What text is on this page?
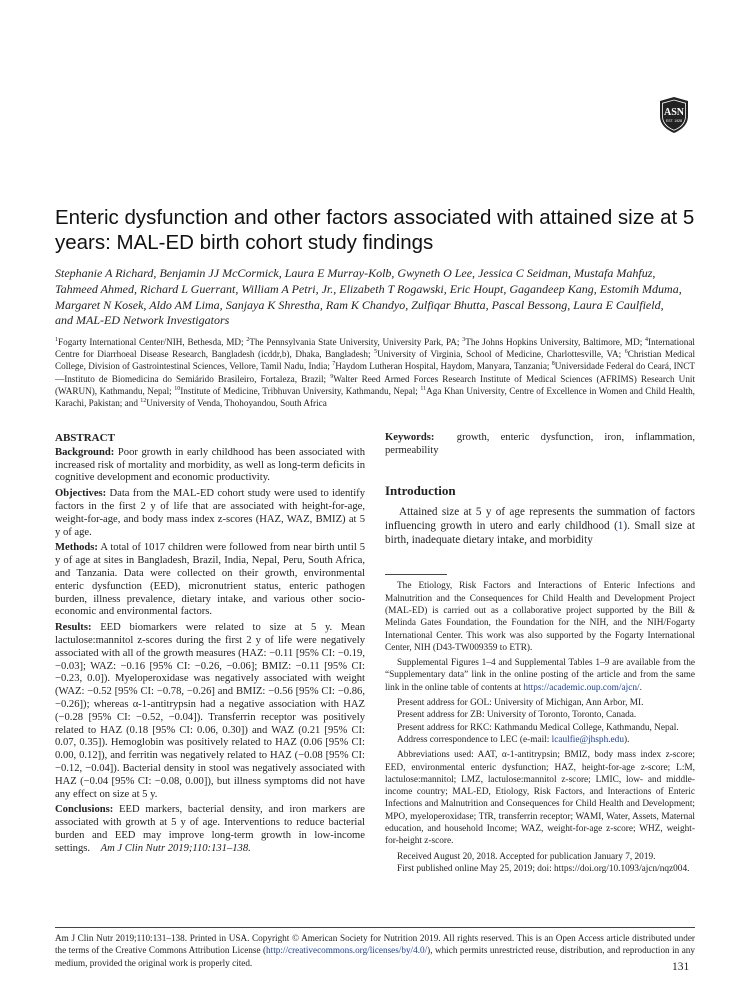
ASN
EST. 1928
Enteric dysfunction and other factors associated with attained size at 5 years: MAL-ED birth cohort study findings

Stephanie A Richard, Benjamin JJ McCormick, Laura E Murray-Kolb, Gwyneth O Lee, Jessica C Seidman, Mustafa Mahfuz, Tahmeed Ahmed, Richard L Guerrant, William A Petri, Jr., Elizabeth T Rogawski, Eric Houpt, Gagandeep Kang, Estomih Mduma, Margaret N Kosek, Aldo AM Lima, Sanjaya K Shrestha, Ram K Chandyo, Zulfiqar Bhutta, Pascal Bessong, Laura E Caulfield, and MAL-ED Network Investigators

$^1$Fogarty International Center/NIH, Bethesda, MD; $^2$The Pennsylvania State University, University Park, PA; $^3$The Johns Hopkins University, Baltimore, MD; $^4$International Centre for Diarrhoeal Disease Research, Bangladesh (icddr,b), Dhaka, Bangladesh; $^5$University of Virginia, School of Medicine, Charlottesville, VA; $^6$Christian Medical College, Division of Gastrointestinal Sciences, Vellore, Tamil Nadu, India; $^7$Haydom Lutheran Hospital, Haydom, Manyara, Tanzania; $^8$Universidade Federal do Ceará, INCT—Instituto de Biomedicina do Semiárido Brasileiro, Fortaleza, Brazil; $^9$Walter Reed Armed Forces Research Institute of Medical Sciences (AFRIMS) Research Unit (WARUN), Kathmandu, Nepal; $^{10}$Institute of Medicine, Tribhuvan University, Kathmandu, Nepal; $^{11}$Aga Khan University, Centre of Excellence in Women and Child Health, Karachi, Pakistan; and $^{12}$University of Venda, Thohoyandou, South Africa

ABSTRACT

Background: Poor growth in early childhood has been associated with increased risk of mortality and morbidity, as well as long-term deficits in cognitive development and economic productivity.

Objectives: Data from the MAL-ED cohort study were used to identify factors in the first 2 y of life that are associated with height-for-age, weight-for-age, and body mass index z-scores (HAZ, WAZ, BMIZ) at 5 y of age.

Methods: A total of 1017 children were followed from near birth until 5 y of age at sites in Bangladesh, Brazil, India, Nepal, Peru, South Africa, and Tanzania. Data were collected on their growth, environmental enteric dysfunction (EED), micronutrient status, enteric pathogen burden, illness prevalence, dietary intake, and various other socio-economic and environmental factors.

Results: EED biomarkers were related to size at 5 y. Mean lactulose:mannitol z-scores during the first 2 y of life were negatively associated with all of the growth measures (HAZ: −0.11 [95% CI: −0.19, −0.03]; WAZ: −0.16 [95% CI: −0.26, −0.06]; BMIZ: −0.11 [95% CI: −0.23, 0.0]). Myeloperoxidase was negatively associated with weight (WAZ: −0.52 [95% CI: −0.78, −0.26] and BMIZ: −0.56 [95% CI: −0.86, −0.26]); whereas α-1-antitrypsin had a negative association with HAZ (−0.28 [95% CI: −0.52, −0.04]). Transferrin receptor was positively related to HAZ (0.18 [95% CI: 0.06, 0.30]) and WAZ (0.21 [95% CI: 0.07, 0.35]). Hemoglobin was positively related to HAZ (0.06 [95% CI: 0.00, 0.12]), and ferritin was negatively related to HAZ (−0.08 [95% CI: −0.12, −0.04]). Bacterial density in stool was negatively associated with HAZ (−0.04 [95% CI: −0.08, 0.00]), but illness symptoms did not have any effect on size at 5 y.

Conclusions: EED markers, bacterial density, and iron markers are associated with growth at 5 y of age. Interventions to reduce bacterial burden and EED may improve long-term growth in low-income settings. Am J Clin Nutr 2019;110:131–138.

Keywords: growth, enteric dysfunction, iron, inflammation, permeability

Introduction

Attained size at 5 y of age represents the summation of factors influencing growth in utero and early childhood (1). Small size at birth, inadequate dietary intake, and morbidity

The Etiology, Risk Factors and Interactions of Enteric Infections and Malnutrition and the Consequences for Child Health and Development Project (MAL-ED) is carried out as a collaborative project supported by the Bill & Melinda Gates Foundation, the Foundation for the NIH, and the NIH/Fogarty International Center. This work was also supported by the Fogarty International Center, NIH (D43-TW009359 to ETR).

Supplemental Figures 1–4 and Supplemental Tables 1–9 are available from the “Supplementary data” link in the online posting of the article and from the same link in the online table of contents at https://academic.oup.com/ajcn/.

Present address for GOL: University of Michigan, Ann Arbor, MI.

Present address for ZB: University of Toronto, Toronto, Canada.

Present address for RKC: Kathmandu Medical College, Kathmandu, Nepal.

Address correspondence to LEC (e-mail: lcaulfie@jhsph.edu).

Abbreviations used: AAT, α-1-antitrypsin; BMIZ, body mass index z-score; EED, environmental enteric dysfunction; HAZ, height-for-age z-score; L:M, lactulose:mannitol; LMZ, lactulose:mannitol z-score; LMIC, low- and middle-income country; MAL-ED, Etiology, Risk Factors, and Interactions of Enteric Infections and Malnutrition and Consequences for Child Health and Development; MPO, myeloperoxidase; TfR, transferrin receptor; WAMI, Water, Assets, Maternal education, and household Income; WAZ, weight-for-age z-score; WHZ, weight-for-height z-score.

Received August 20, 2018. Accepted for publication January 7, 2019.

First published online May 25, 2019; doi: https://doi.org/10.1093/ajcn/nqz004.

Am J Clin Nutr 2019;110:131–138. Printed in USA. Copyright © American Society for Nutrition 2019. All rights reserved. This is an Open Access article distributed under the terms of the Creative Commons Attribution License (http://creativecommons.org/licenses/by/4.0/), which permits unrestricted reuse, distribution, and reproduction in any medium, provided the original work is properly cited.	131
